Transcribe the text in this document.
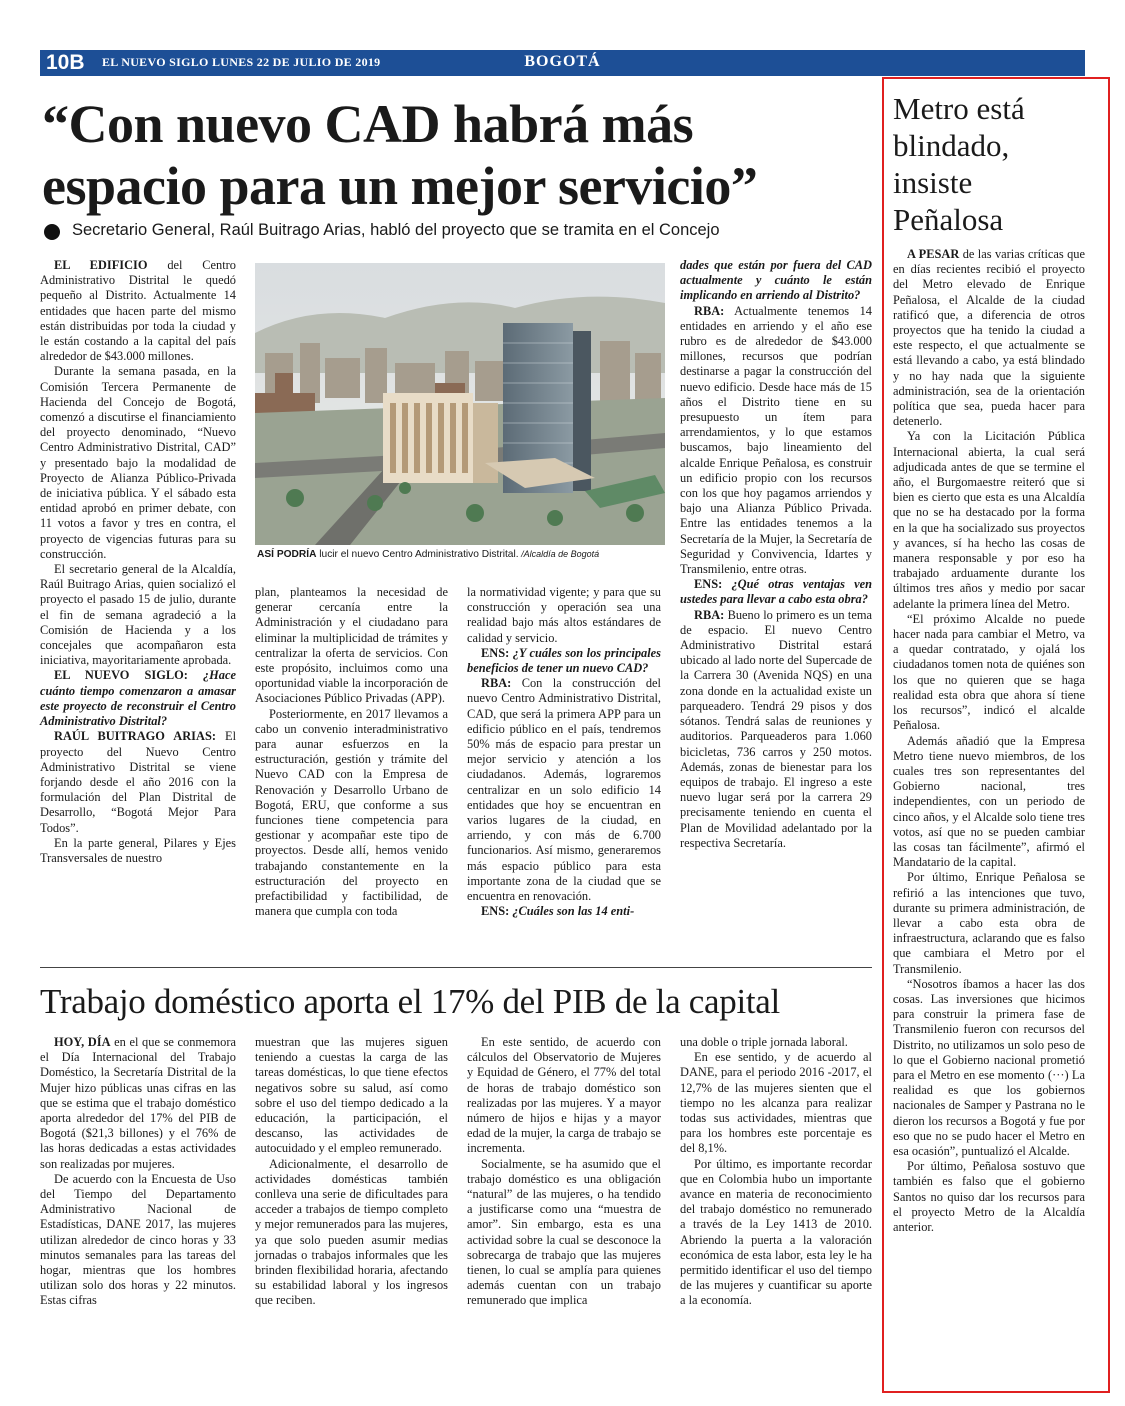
10B EL NUEVO SIGLO LUNES 22 DE JULIO DE 2019	BOGOTÁ
“Con nuevo CAD habrá más
espacio para un mejor servicio”
Secretario General, Raúl Buitrago Arias, habló del proyecto que se tramita en el Concejo

EL EDIFICIO del Centro Administrativo Distrital le quedó pequeño al Distrito. Actualmente 14 entidades que hacen parte del mismo están distribuidas por toda la ciudad y le están costando a la capital del país alrededor de $43.000 millones.

Durante la semana pasada, en la Comisión Tercera Permanente de Hacienda del Concejo de Bogotá, comenzó a discutirse el financiamiento del proyecto denominado, “Nuevo Centro Administrativo Distrital, CAD” y presentado bajo la modalidad de Proyecto de Alianza Público-Privada de iniciativa pública. Y el sábado esta entidad aprobó en primer debate, con 11 votos a favor y tres en contra, el proyecto de vigencias futuras para su construcción.

El secretario general de la Alcaldía, Raúl Buitrago Arias, quien socializó el proyecto el pasado 15 de julio, durante el fin de semana agradeció a la Comisión de Hacienda y a los concejales que acompañaron esta iniciativa, mayoritariamente aprobada.

EL NUEVO SIGLO: ¿Hace cuánto tiempo comenzaron a amasar este proyecto de reconstruir el Centro Administrativo Distrital?

RAÚL BUITRAGO ARIAS: El proyecto del Nuevo Centro Administrativo Distrital se viene forjando desde el año 2016 con la formulación del Plan Distrital de Desarrollo, “Bogotá Mejor Para Todos”.

En la parte general, Pilares y Ejes Transversales de nuestro

ASÍ PODRÍA lucir el nuevo Centro Administrativo Distrital. /Alcaldía de Bogotá

plan, planteamos la necesidad de generar cercanía entre la Administración y el ciudadano para eliminar la multiplicidad de trámites y centralizar la oferta de servicios. Con este propósito, incluimos como una oportunidad viable la incorporación de Asociaciones Público Privadas (APP).

Posteriormente, en 2017 llevamos a cabo un convenio interadministrativo para aunar esfuerzos en la estructuración, gestión y trámite del Nuevo CAD con la Empresa de Renovación y Desarrollo Urbano de Bogotá, ERU, que conforme a sus funciones tiene competencia para gestionar y acompañar este tipo de proyectos. Desde allí, hemos venido trabajando constantemente en la estructuración del proyecto en prefactibilidad y factibilidad, de manera que cumpla con toda

la normatividad vigente; y para que su construcción y operación sea una realidad bajo más altos estándares de calidad y servicio.

ENS: ¿Y cuáles son los principales beneficios de tener un nuevo CAD?

RBA: Con la construcción del nuevo Centro Administrativo Distrital, CAD, que será la primera APP para un edificio público en el país, tendremos 50% más de espacio para prestar un mejor servicio y atención a los ciudadanos. Además, lograremos centralizar en un solo edificio 14 entidades que hoy se encuentran en varios lugares de la ciudad, en arriendo, y con más de 6.700 funcionarios. Así mismo, generaremos más espacio público para esta importante zona de la ciudad que se encuentra en renovación.

ENS: ¿Cuáles son las 14 enti-

dades que están por fuera del CAD actualmente y cuánto le están implicando en arriendo al Distrito?

RBA: Actualmente tenemos 14 entidades en arriendo y el año ese rubro es de alrededor de $43.000 millones, recursos que podrían destinarse a pagar la construcción del nuevo edificio. Desde hace más de 15 años el Distrito tiene en su presupuesto un ítem para arrendamientos, y lo que estamos buscamos, bajo lineamiento del alcalde Enrique Peñalosa, es construir un edificio propio con los recursos con los que hoy pagamos arriendos y bajo una Alianza Público Privada. Entre las entidades tenemos a la Secretaría de la Mujer, la Secretaría de Seguridad y Convivencia, Idartes y Transmilenio, entre otras.

ENS: ¿Qué otras ventajas ven ustedes para llevar a cabo esta obra?

RBA: Bueno lo primero es un tema de espacio. El nuevo Centro Administrativo Distrital estará ubicado al lado norte del Supercade de la Carrera 30 (Avenida NQS) en una zona donde en la actualidad existe un parqueadero. Tendrá 29 pisos y dos sótanos. Tendrá salas de reuniones y auditorios. Parqueaderos para 1.060 bicicletas, 736 carros y 250 motos. Además, zonas de bienestar para los equipos de trabajo. El ingreso a este nuevo lugar será por la carrera 29 precisamente teniendo en cuenta el Plan de Movilidad adelantado por la respectiva Secretaría.

Trabajo doméstico aporta el 17% del PIB de la capital

HOY, DÍA en el que se conmemora el Día Internacional del Trabajo Doméstico, la Secretaría Distrital de la Mujer hizo públicas unas cifras en las que se estima que el trabajo doméstico aporta alrededor del 17% del PIB de Bogotá ($21,3 billones) y el 76% de las horas dedicadas a estas actividades son realizadas por mujeres.

De acuerdo con la Encuesta de Uso del Tiempo del Departamento Administrativo Nacional de Estadísticas, DANE 2017, las mujeres utilizan alrededor de cinco horas y 33 minutos semanales para las tareas del hogar, mientras que los hombres utilizan solo dos horas y 22 minutos. Estas cifras

muestran que las mujeres siguen teniendo a cuestas la carga de las tareas domésticas, lo que tiene efectos negativos sobre su salud, así como sobre el uso del tiempo dedicado a la educación, la participación, el descanso, las actividades de autocuidado y el empleo remunerado.

Adicionalmente, el desarrollo de actividades domésticas también conlleva una serie de dificultades para acceder a trabajos de tiempo completo y mejor remunerados para las mujeres, ya que solo pueden asumir medias jornadas o trabajos informales que les brinden flexibilidad horaria, afectando su estabilidad laboral y los ingresos que reciben.

En este sentido, de acuerdo con cálculos del Observatorio de Mujeres y Equidad de Género, el 77% del total de horas de trabajo doméstico son realizadas por las mujeres. Y a mayor número de hijos e hijas y a mayor edad de la mujer, la carga de trabajo se incrementa.

Socialmente, se ha asumido que el trabajo doméstico es una obligación “natural” de las mujeres, o ha tendido a justificarse como una “muestra de amor”. Sin embargo, esta es una actividad sobre la cual se desconoce la sobrecarga de trabajo que las mujeres tienen, lo cual se amplía para quienes además cuentan con un trabajo remunerado que implica

una doble o triple jornada laboral.

En ese sentido, y de acuerdo al DANE, para el periodo 2016 -2017, el 12,7% de las mujeres sienten que el tiempo no les alcanza para realizar todas sus actividades, mientras que para los hombres este porcentaje es del 8,1%.

Por último, es importante recordar que en Colombia hubo un importante avance en materia de reconocimiento del trabajo doméstico no remunerado a través de la Ley 1413 de 2010. Abriendo la puerta a la valoración económica de esta labor, esta ley le ha permitido identificar el uso del tiempo de las mujeres y cuantificar su aporte a la economía.

Metro está
blindado,
insiste
Peñalosa

A PESAR de las varias críticas que en días recientes recibió el proyecto del Metro elevado de Enrique Peñalosa, el Alcalde de la ciudad ratificó que, a diferencia de otros proyectos que ha tenido la ciudad a este respecto, el que actualmente se está llevando a cabo, ya está blindado y no hay nada que la siguiente administración, sea de la orientación política que sea, pueda hacer para detenerlo.

Ya con la Licitación Pública Internacional abierta, la cual será adjudicada antes de que se termine el año, el Burgomaestre reiteró que si bien es cierto que esta es una Alcaldía que no se ha destacado por la forma en la que ha socializado sus proyectos y avances, sí ha hecho las cosas de manera responsable y por eso ha trabajado arduamente durante los últimos tres años y medio por sacar adelante la primera línea del Metro.

“El próximo Alcalde no puede hacer nada para cambiar el Metro, va a quedar contratado, y ojalá los ciudadanos tomen nota de quiénes son los que no quieren que se haga realidad esta obra que ahora sí tiene los recursos”, indicó el alcalde Peñalosa.

Además añadió que la Empresa Metro tiene nuevo miembros, de los cuales tres son representantes del Gobierno nacional, tres independientes, con un periodo de cinco años, y el Alcalde solo tiene tres votos, así que no se pueden cambiar las cosas tan fácilmente”, afirmó el Mandatario de la capital.

Por último, Enrique Peñalosa se refirió a las intenciones que tuvo, durante su primera administración, de llevar a cabo esta obra de infraestructura, aclarando que es falso que cambiara el Metro por el Transmilenio.

“Nosotros íbamos a hacer las dos cosas. Las inversiones que hicimos para construir la primera fase de Transmilenio fueron con recursos del Distrito, no utilizamos un solo peso de lo que el Gobierno nacional prometió para el Metro en ese momento (···) La realidad es que los gobiernos nacionales de Samper y Pastrana no le dieron los recursos a Bogotá y fue por eso que no se pudo hacer el Metro en esa ocasión”, puntualizó el Alcalde.

Por último, Peñalosa sostuvo que también es falso que el gobierno Santos no quiso dar los recursos para el proyecto Metro de la Alcaldía anterior.
